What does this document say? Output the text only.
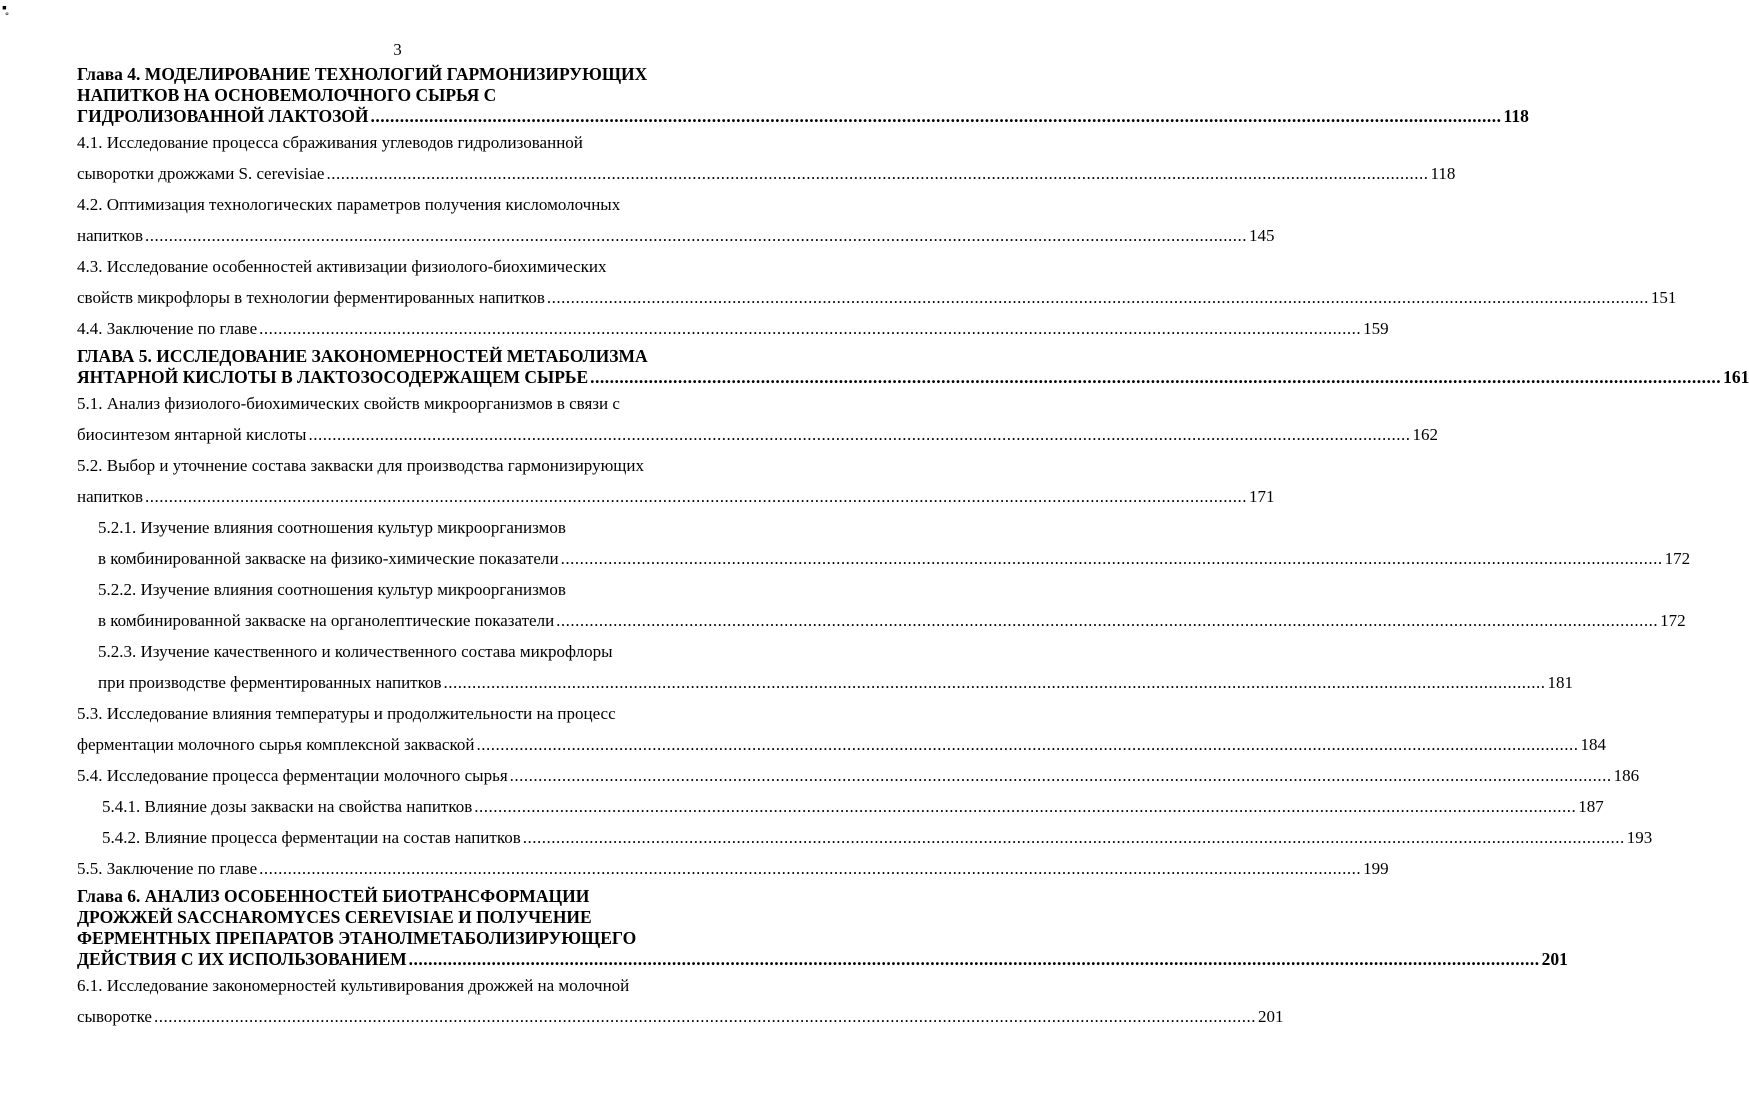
▪̥
3
Глава 4. МОДЕЛИРОВАНИЕ ТЕХНОЛОГИЙ ГАРМОНИЗИРУЮЩИХ
НАПИТКОВ НА ОСНОВЕМОЛОЧНОГО СЫРЬЯ С
ГИДРОЛИЗОВАННОЙ ЛАКТОЗОЙ ........................................................................................................................................................................................................................................ 118
4.1. Исследование процесса сбраживания углеводов гидролизованной
сыворотки дрожжами S. cerevisiae ........................................................................................................................................................................................................................................ 118
4.2. Оптимизация технологических параметров получения кисломолочных
напитков ........................................................................................................................................................................................................................................ 145
4.3. Исследование особенностей активизации физиолого-биохимических
свойств микрофлоры в технологии ферментированных напитков ........................................................................................................................................................................................................................................ 151
4.4. Заключение по главе ........................................................................................................................................................................................................................................ 159
ГЛАВА 5. ИССЛЕДОВАНИЕ ЗАКОНОМЕРНОСТЕЙ МЕТАБОЛИЗМА
ЯНТАРНОЙ КИСЛОТЫ В ЛАКТОЗОСОДЕРЖАЩЕМ СЫРЬЕ ........................................................................................................................................................................................................................................ 161
5.1. Анализ физиолого-биохимических свойств микроорганизмов в связи с
биосинтезом янтарной кислоты ........................................................................................................................................................................................................................................ 162
5.2. Выбор и уточнение состава закваски для производства гармонизирующих
напитков ........................................................................................................................................................................................................................................ 171
5.2.1. Изучение влияния соотношения культур микроорганизмов
в комбинированной закваске на физико-химические показатели ........................................................................................................................................................................................................................................ 172
5.2.2. Изучение влияния соотношения культур микроорганизмов
в комбинированной закваске на органолептические показатели ........................................................................................................................................................................................................................................ 172
5.2.3. Изучение качественного и количественного состава микрофлоры
при производстве ферментированных напитков ........................................................................................................................................................................................................................................ 181
5.3. Исследование влияния температуры и продолжительности на процесс
ферментации молочного сырья комплексной закваской ........................................................................................................................................................................................................................................ 184
5.4. Исследование процесса ферментации молочного сырья ........................................................................................................................................................................................................................................ 186
5.4.1. Влияние дозы закваски на свойства напитков ........................................................................................................................................................................................................................................ 187
5.4.2. Влияние процесса ферментации на состав напитков ........................................................................................................................................................................................................................................ 193
5.5. Заключение по главе ........................................................................................................................................................................................................................................ 199
Глава 6. АНАЛИЗ ОСОБЕННОСТЕЙ БИОТРАНСФОРМАЦИИ
ДРОЖЖЕЙ SACCHAROMYCES CEREVISIAE И ПОЛУЧЕНИЕ
ФЕРМЕНТНЫХ ПРЕПАРАТОВ ЭТАНОЛМЕТАБОЛИЗИРУЮЩЕГО
ДЕЙСТВИЯ С ИХ ИСПОЛЬЗОВАНИЕМ ........................................................................................................................................................................................................................................ 201
6.1. Исследование закономерностей культивирования дрожжей на молочной
сыворотке ........................................................................................................................................................................................................................................ 201
